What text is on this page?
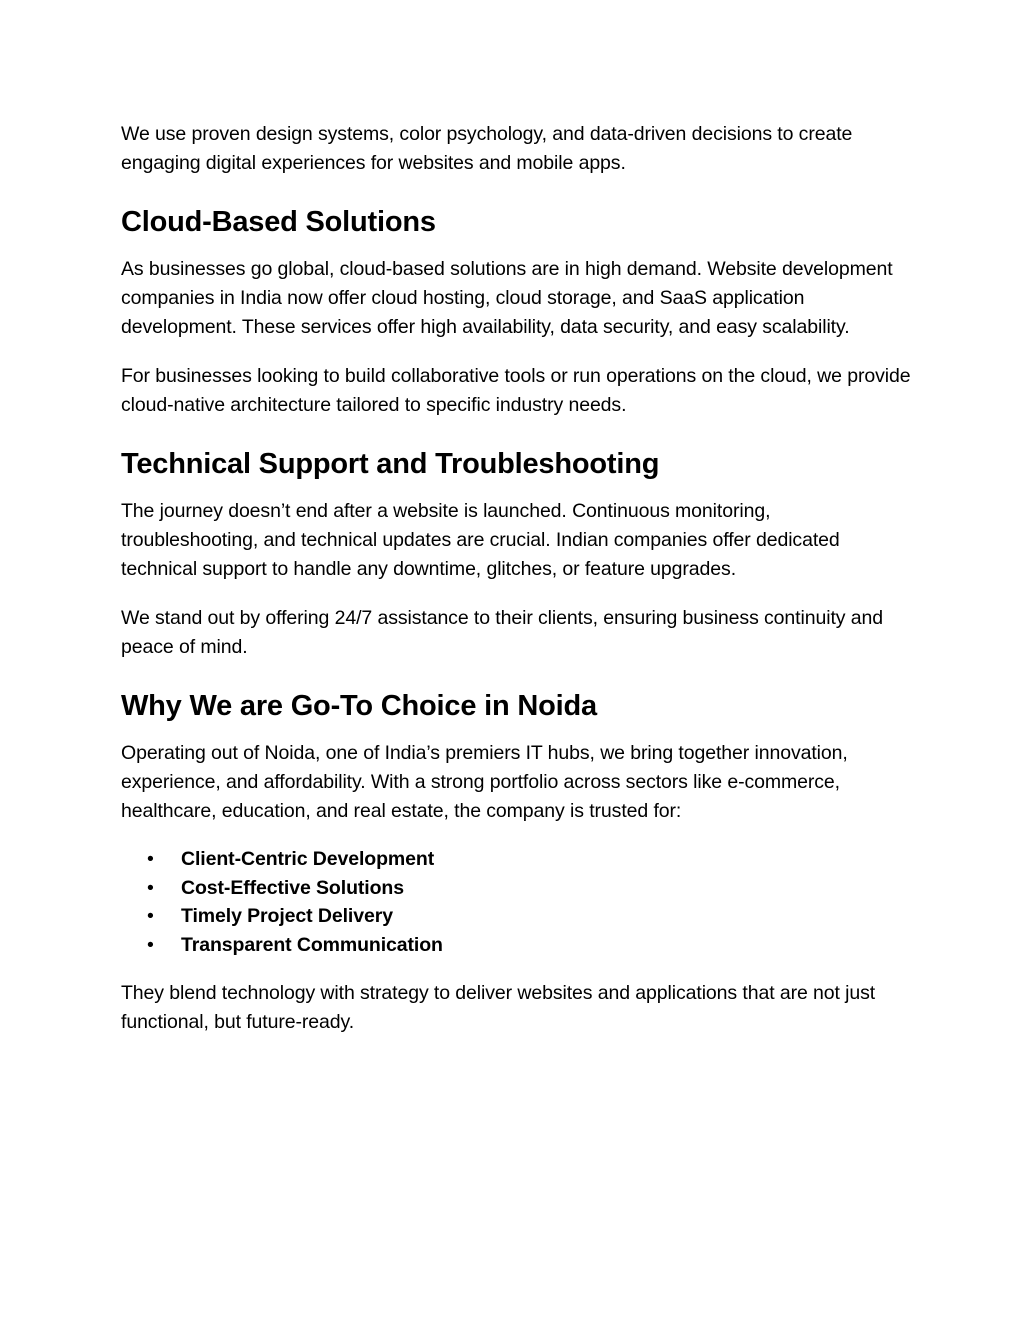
We use proven design systems, color psychology, and data-driven decisions to create engaging digital experiences for websites and mobile apps.

Cloud-Based Solutions

As businesses go global, cloud-based solutions are in high demand. Website development companies in India now offer cloud hosting, cloud storage, and SaaS application development. These services offer high availability, data security, and easy scalability.

For businesses looking to build collaborative tools or run operations on the cloud, we provide cloud-native architecture tailored to specific industry needs.

Technical Support and Troubleshooting

The journey doesn’t end after a website is launched. Continuous monitoring, troubleshooting, and technical updates are crucial. Indian companies offer dedicated technical support to handle any downtime, glitches, or feature upgrades.

We stand out by offering 24/7 assistance to their clients, ensuring business continuity and peace of mind.

Why We are Go-To Choice in Noida

Operating out of Noida, one of India’s premiers IT hubs, we bring together innovation, experience, and affordability. With a strong portfolio across sectors like e-commerce, healthcare, education, and real estate, the company is trusted for:

• Client-Centric Development
• Cost-Effective Solutions
• Timely Project Delivery
• Transparent Communication

They blend technology with strategy to deliver websites and applications that are not just functional, but future-ready.
